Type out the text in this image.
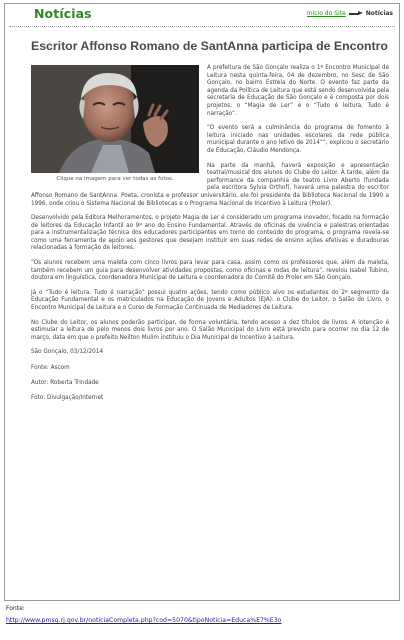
Notícias	Início do Site	Notícias
Escritor Affonso Romano de SantAnna participa de Encontro
Clique na imagem para ver todas as fotos.

A prefeitura de São Gonçalo realiza o 1º Encontro Municipal de Leitura nesta quinta-feira, 04 de dezembro, no Sesc de São Gonçalo, no bairro Estrela do Norte. O evento faz parte da agenda da Política de Leitura que está sendo desenvolvida pela secretaria de Educação de São Gonçalo e é composta por dois projetos: o “Magia de Ler” e o “Tudo é leitura. Tudo é narração”.

“O evento será a culminância do programa de fomento à leitura iniciado nas unidades escolares da rede pública municipal durante o ano letivo de 2014””, explicou o secretário de Educação, Cláudio Mendonça.

Na parte da manhã, haverá exposição e apresentação teatral/musical dos alunos do Clube do Leitor. À tarde, além da performance da companhia de teatro Livro Aberto (fundada pela escritora Sylvia Orthof), haverá uma palestra do escritor Affonso Romano de SantAnna. Poeta, cronista e professor universitário, ele foi presidente da Biblioteca Nacional de 1990 a 1996, onde criou o Sistema Nacional de Bibliotecas e o Programa Nacional de Incentivo à Leitura (Proler).

Desenvolvido pela Editora Melhoramentos, o projeto Magia de Ler é considerado um programa inovador, focado na formação de leitores da Educação Infantil ao 9º ano do Ensino Fundamental. Através de oficinas de vivência e palestras orientadas para a instrumentalização técnica dos educadores participantes em torno do conteúdo do programa, o programa revela-se como uma ferramenta de apoio aos gestores que desejam instituir em suas redes de ensino ações efetivas e duradouras relacionadas à formação de leitores.

“Os alunos recebem uma maleta com cinco livros para levar para casa, assim como os professores que, além da maleta, também recebem um guia para desenvolver atividades propostas, como oficinas e rodas de leitura”, revelou Isabel Tubino, doutora em linguística, coordenadora Municipal de Leitura e coordenadora do Comitê do Proler em São Gonçalo.

Já o “Tudo é leitura. Tudo é narração” possui quatro ações, tendo como público alvo os estudantes do 2º segmento da Educação Fundamental e os matriculados na Educação de Jovens e Adultos (EJA): o Clube do Leitor, o Salão do Livro, o Encontro Municipal de Leitura e o Curso de Formação Continuada de Mediadores de Leitura.

No Clube do Leitor, os alunos poderão participar, de forma voluntária, tendo acesso a dez títulos de livros. A intenção é estimular a leitura de pelo menos dois livros por ano. O Salão Municipal do Livro está previsto para ocorrer no dia 12 de março, data em que o prefeito Neilton Mulim instituiu o Dia Municipal de Incentivo à Leitura.

São Gonçalo, 03/12/2014

Fonte: Ascom

Autor: Roberta Trindade

Foto: Divulgação/Internet

Fonte:
http://www.pmsg.rj.gov.br/noticiaCompleta.php?cod=5070&tipoNoticia=Educa%E7%E3o
